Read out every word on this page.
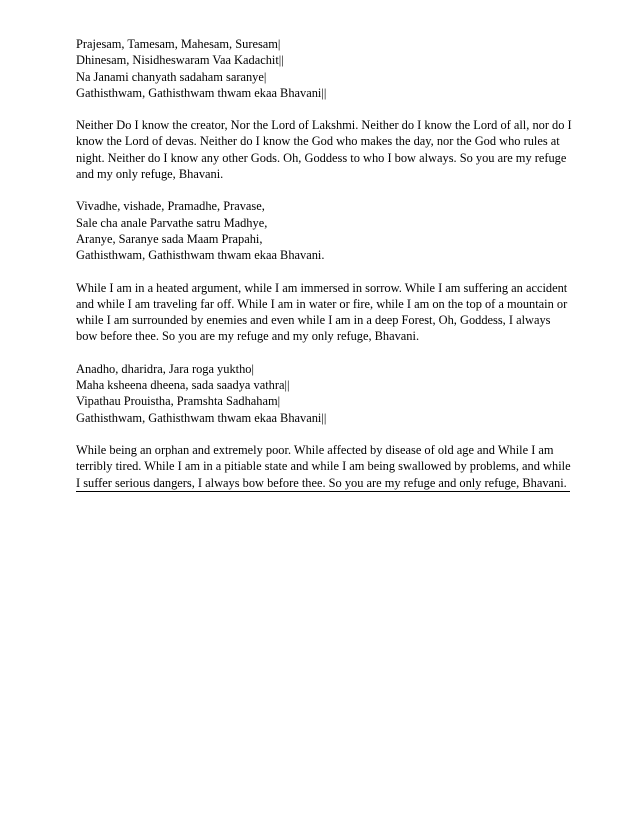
Prajesam, Tamesam, Mahesam, Suresam|
Dhinesam, Nisidheswaram Vaa Kadachit||
Na Janami chanyath sadaham saranye|
Gathisthwam, Gathisthwam thwam ekaa Bhavani||
Neither Do I know the creator, Nor the Lord of Lakshmi. Neither do I know the Lord of all, nor do I know the Lord of devas. Neither do I know the God who makes the day, nor the God who rules at night. Neither do I know any other Gods. Oh, Goddess to who I bow always. So you are my refuge and my only refuge, Bhavani.
Vivadhe, vishade, Pramadhe, Pravase,
Sale cha anale Parvathe satru Madhye,
Aranye, Saranye sada Maam Prapahi,
Gathisthwam, Gathisthwam thwam ekaa Bhavani.
While I am in a heated argument, while I am immersed in sorrow. While I am suffering an accident and while I am traveling far off. While I am in water or fire, while I am on the top of a mountain or while I am surrounded by enemies and even while I am in a deep Forest, Oh, Goddess, I always bow before thee. So you are my refuge and my only refuge, Bhavani.
Anadho, dharidra, Jara roga yuktho|
Maha ksheena dheena, sada saadya vathra||
Vipathau Prouistha, Pramshta Sadhaham|
Gathisthwam, Gathisthwam thwam ekaa Bhavani||
While being an orphan and extremely poor. While affected by disease of old age and While I am terribly tired. While I am in a pitiable state and while I am being swallowed by problems, and while I suffer serious dangers, I always bow before thee. So you are my refuge and only refuge, Bhavani.
